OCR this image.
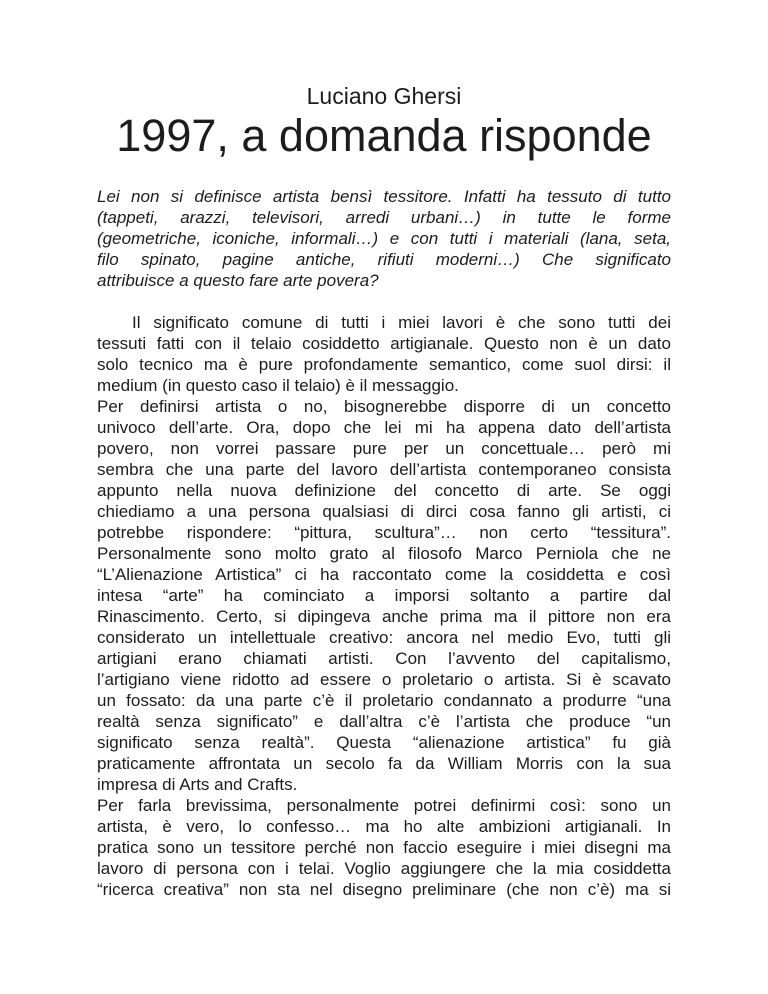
Luciano Ghersi
1997, a domanda risponde
Lei non si definisce artista bensì tessitore. Infatti ha tessuto di tutto
(tappeti, arazzi, televisori, arredi urbani…) in tutte le forme
(geometriche, iconiche, informali…) e con tutti i materiali (lana, seta,
filo spinato, pagine antiche, rifiuti moderni…) Che significato
attribuisce a questo fare arte povera?
Il significato comune di tutti i miei lavori è che sono tutti dei
tessuti fatti con il telaio cosiddetto artigianale. Questo non è un dato
solo tecnico ma è pure profondamente semantico, come suol dirsi: il
medium (in questo caso il telaio) è il messaggio.
Per definirsi artista o no, bisognerebbe disporre di un concetto
univoco dell’arte. Ora, dopo che lei mi ha appena dato dell’artista
povero, non vorrei passare pure per un concettuale… però mi
sembra che una parte del lavoro dell’artista contemporaneo consista
appunto nella nuova definizione del concetto di arte. Se oggi
chiediamo a una persona qualsiasi di dirci cosa fanno gli artisti, ci
potrebbe rispondere: “pittura, scultura”… non certo “tessitura”.
Personalmente sono molto grato al filosofo Marco Perniola che ne
“L’Alienazione Artistica” ci ha raccontato come la cosiddetta e così
intesa “arte” ha cominciato a imporsi soltanto a partire dal
Rinascimento. Certo, si dipingeva anche prima ma il pittore non era
considerato un intellettuale creativo: ancora nel medio Evo, tutti gli
artigiani erano chiamati artisti. Con l’avvento del capitalismo,
l’artigiano viene ridotto ad essere o proletario o artista. Si è scavato
un fossato: da una parte c’è il proletario condannato a produrre “una
realtà senza significato” e dall’altra c’è l’artista che produce “un
significato senza realtà”. Questa “alienazione artistica” fu già
praticamente affrontata un secolo fa da William Morris con la sua
impresa di Arts and Crafts.
Per farla brevissima, personalmente potrei definirmi così: sono un
artista, è vero, lo confesso… ma ho alte ambizioni artigianali. In
pratica sono un tessitore perché non faccio eseguire i miei disegni ma
lavoro di persona con i telai. Voglio aggiungere che la mia cosiddetta
“ricerca creativa” non sta nel disegno preliminare (che non c’è) ma si
